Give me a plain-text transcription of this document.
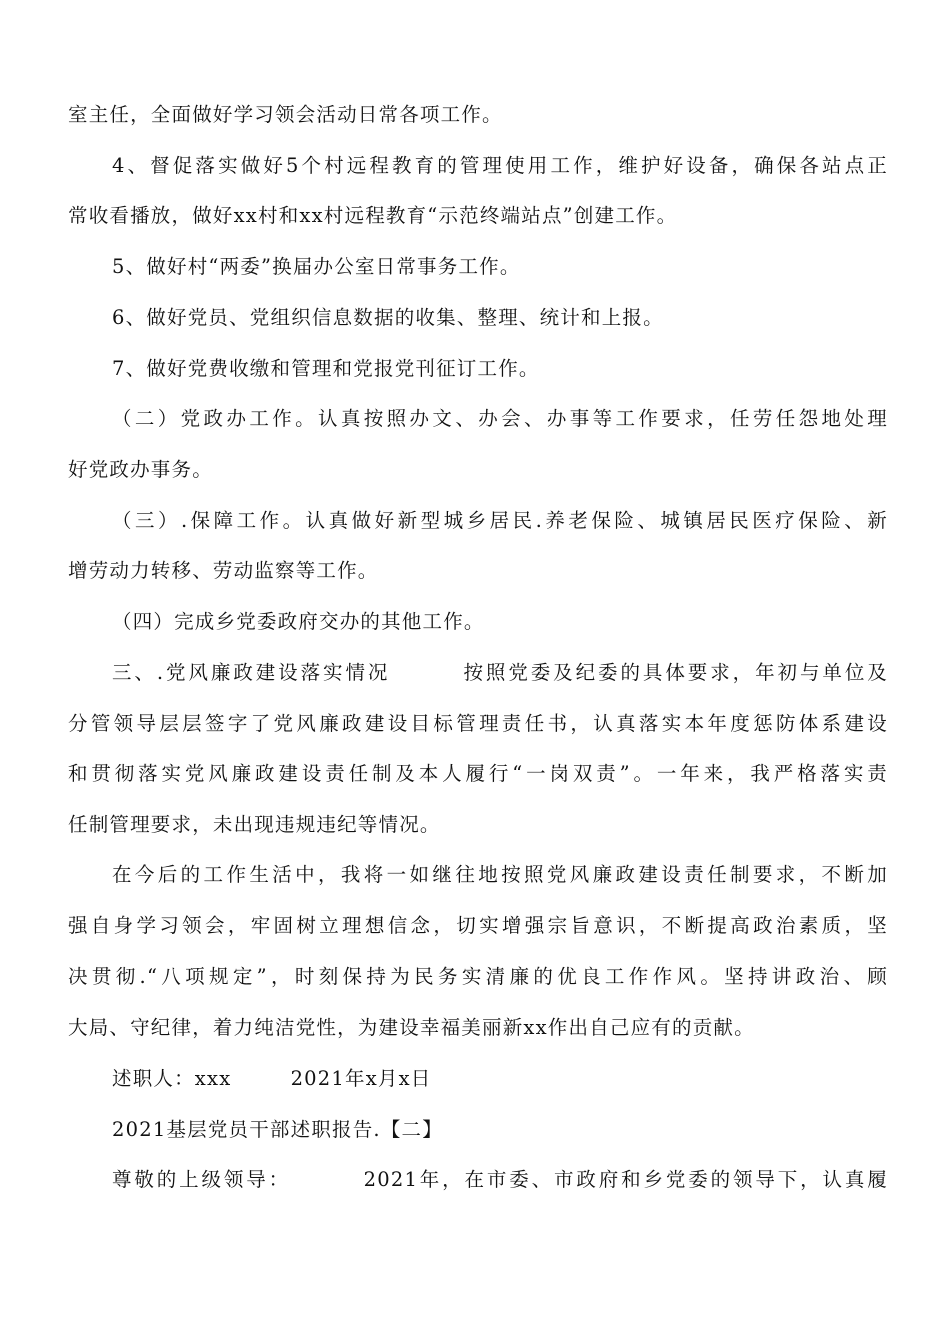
室主任，全面做好学习领会活动日常各项工作。
4、督促落实做好5个村远程教育的管理使用工作，维护好设备，确保各站点正
常收看播放，做好xx村和xx村远程教育“示范终端站点”创建工作。
5、做好村“两委”换届办公室日常事务工作。
6、做好党员、党组织信息数据的收集、整理、统计和上报。
7、做好党费收缴和管理和党报党刊征订工作。
（二）党政办工作。认真按照办文、办会、办事等工作要求，任劳任怨地处理
好党政办事务。
（三）.保障工作。认真做好新型城乡居民.养老保险、城镇居民医疗保险、新
增劳动力转移、劳动监察等工作。
（四）完成乡党委政府交办的其他工作。
三、.党风廉政建设落实情况        按照党委及纪委的具体要求，年初与单位及
分管领导层层签字了党风廉政建设目标管理责任书，认真落实本年度惩防体系建设
和贯彻落实党风廉政建设责任制及本人履行“一岗双责”。一年来，我严格落实责
任制管理要求，未出现违规违纪等情况。
在今后的工作生活中，我将一如继往地按照党风廉政建设责任制要求，不断加
强自身学习领会，牢固树立理想信念，切实增强宗旨意识，不断提高政治素质，坚
决贯彻.“八项规定”，时刻保持为民务实清廉的优良工作作风。坚持讲政治、顾
大局、守纪律，着力纯洁党性，为建设幸福美丽新xx作出自己应有的贡献。
述职人：xxx        2021年x月x日
2021基层党员干部述职报告.【二】
尊敬的上级领导：        2021年，在市委、市政府和乡党委的领导下，认真履
